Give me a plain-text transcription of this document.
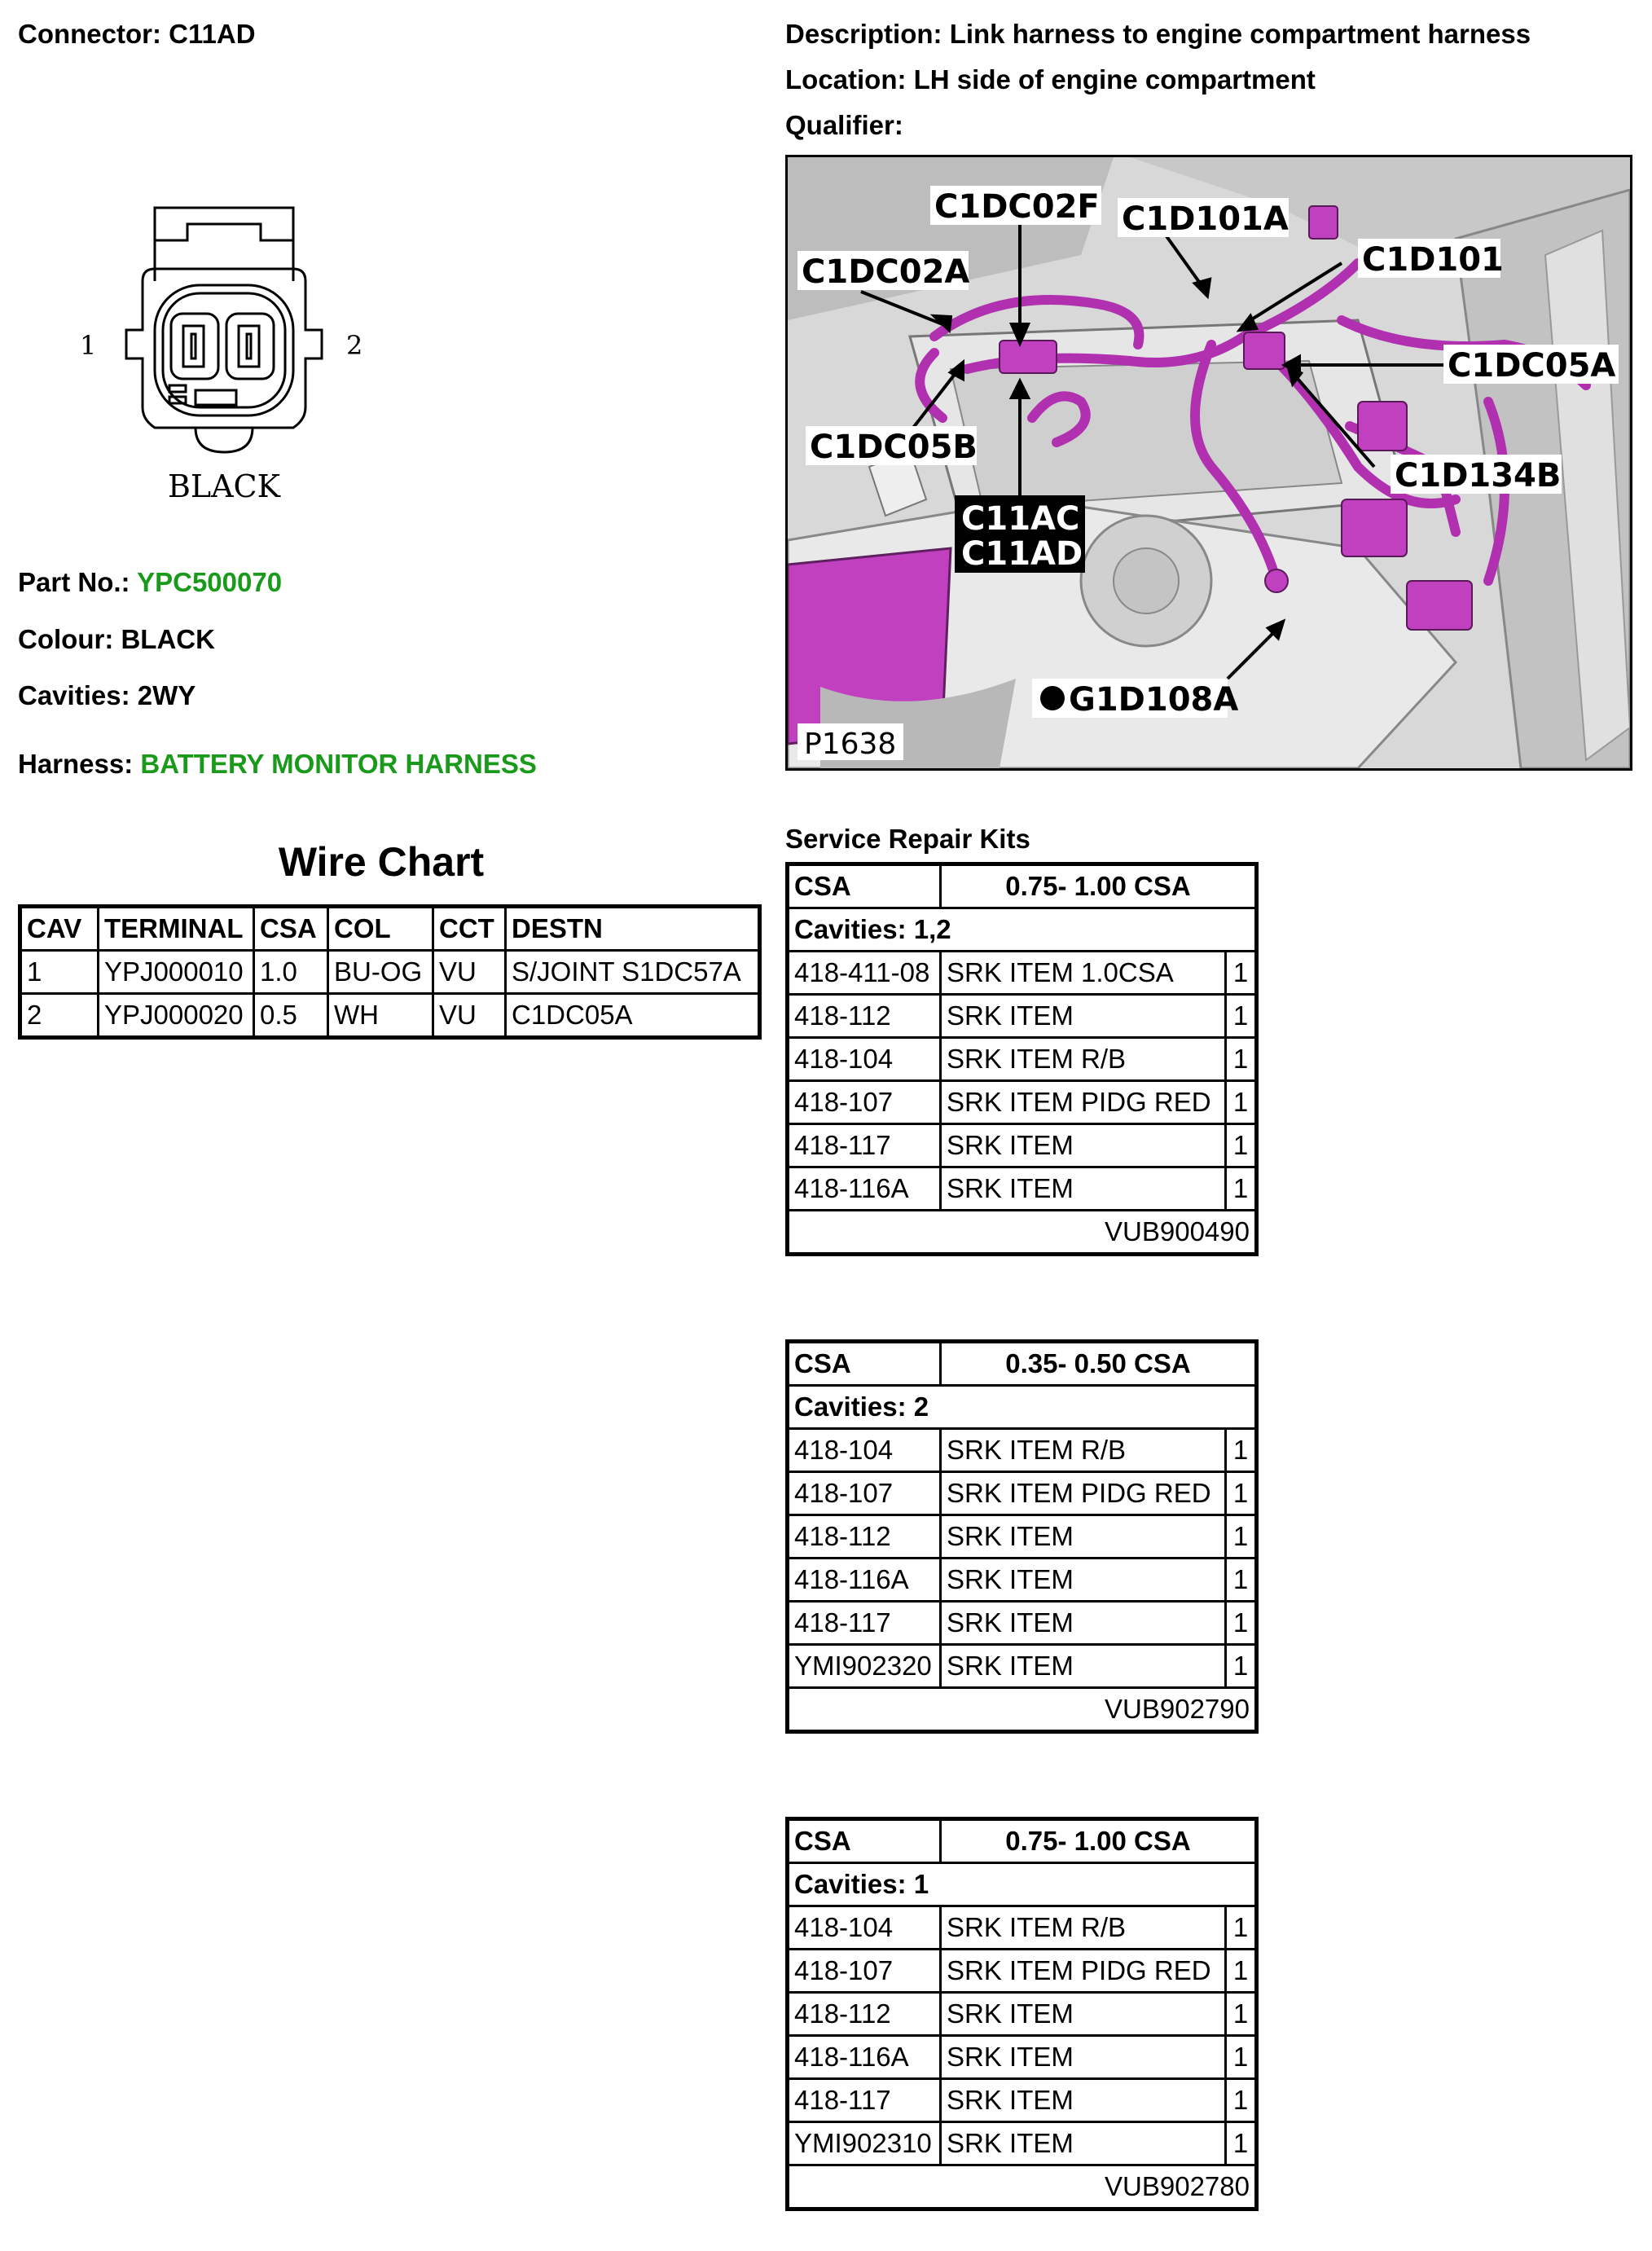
Connector: C11AD	Description: Link harness to engine compartment harness
Location: LH side of engine compartment
Qualifier:
1	2
BLACK
Part No.: YPC500070
Colour: BLACK
Cavities: 2WY
Harness: BATTERY MONITOR HARNESS
Wire Chart
CAV	TERMINAL	CSA	COL	CCT	DESTN
1	YPJ000010	1.0	BU-OG	VU	S/JOINT S1DC57A
2	YPJ000020	0.5	WH	VU	C1DC05A
C1DC02F C1D101A
C1DC02A	C1D101
C1DC05A
C1DC05B
C1D134B
C11AC
C11AD
G1D108A
P1638
Service Repair Kits
CSA	0.75- 1.00 CSA	
Cavities: 1,2		
418-411-08	SRK ITEM 1.0CSA	1
418-112	SRK ITEM	1
418-104	SRK ITEM R/B	1
418-107	SRK ITEM PIDG RED	1
418-117	SRK ITEM	1
418-116A	SRK ITEM	1
VUB900490		
CSA	0.35- 0.50 CSA	
Cavities: 2		
418-104	SRK ITEM R/B	1
418-107	SRK ITEM PIDG RED	1
418-112	SRK ITEM	1
418-116A	SRK ITEM	1
418-117	SRK ITEM	1
YMI902320	SRK ITEM	1
VUB902790		
CSA	0.75- 1.00 CSA	
Cavities: 1		
418-104	SRK ITEM R/B	1
418-107	SRK ITEM PIDG RED	1
418-112	SRK ITEM	1
418-116A	SRK ITEM	1
418-117	SRK ITEM	1
YMI902310	SRK ITEM	1
VUB902780		
